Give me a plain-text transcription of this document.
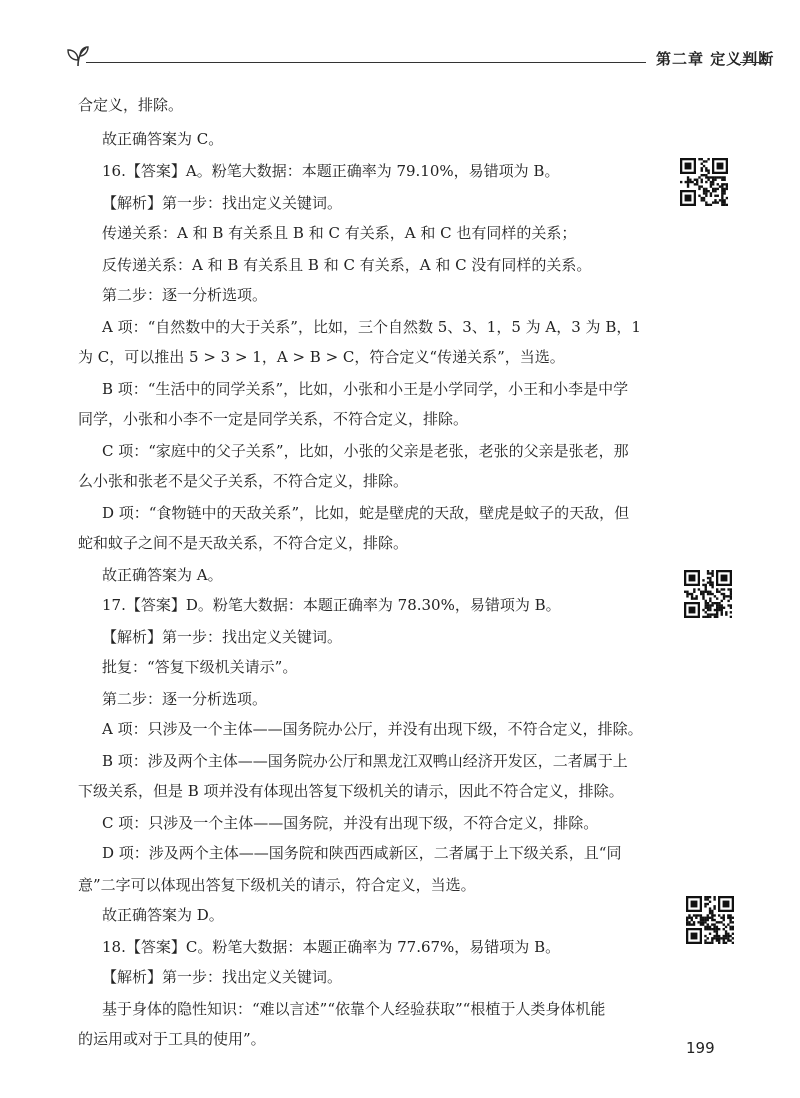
第二章 定义判断

合定义，排除。

故正确答案为 C。

16.【答案】A。粉笔大数据：本题正确率为 79.10%，易错项为 B。

【解析】第一步：找出定义关键词。

传递关系：A 和 B 有关系且 B 和 C 有关系，A 和 C 也有同样的关系；

反传递关系：A 和 B 有关系且 B 和 C 有关系，A 和 C 没有同样的关系。

第二步：逐一分析选项。

A 项：“自然数中的大于关系”，比如，三个自然数 5、3、1，5 为 A，3 为 B，1

为 C，可以推出 5 > 3 > 1，A > B > C，符合定义“传递关系”，当选。

B 项：“生活中的同学关系”，比如，小张和小王是小学同学，小王和小李是中学

同学，小张和小李不一定是同学关系，不符合定义，排除。

C 项：“家庭中的父子关系”，比如，小张的父亲是老张，老张的父亲是张老，那

么小张和张老不是父子关系，不符合定义，排除。

D 项：“食物链中的天敌关系”，比如，蛇是壁虎的天敌，壁虎是蚊子的天敌，但

蛇和蚊子之间不是天敌关系，不符合定义，排除。

故正确答案为 A。

17.【答案】D。粉笔大数据：本题正确率为 78.30%，易错项为 B。

【解析】第一步：找出定义关键词。

批复：“答复下级机关请示”。

第二步：逐一分析选项。

A 项：只涉及一个主体——国务院办公厅，并没有出现下级，不符合定义，排除。

B 项：涉及两个主体——国务院办公厅和黑龙江双鸭山经济开发区，二者属于上

下级关系，但是 B 项并没有体现出答复下级机关的请示，因此不符合定义，排除。

C 项：只涉及一个主体——国务院，并没有出现下级，不符合定义，排除。

D 项：涉及两个主体——国务院和陕西西咸新区，二者属于上下级关系，且“同

意”二字可以体现出答复下级机关的请示，符合定义，当选。

故正确答案为 D。

18.【答案】C。粉笔大数据：本题正确率为 77.67%，易错项为 B。

【解析】第一步：找出定义关键词。

基于身体的隐性知识：“难以言述”“依靠个人经验获取”“根植于人类身体机能

的运用或对于工具的使用”。	199
